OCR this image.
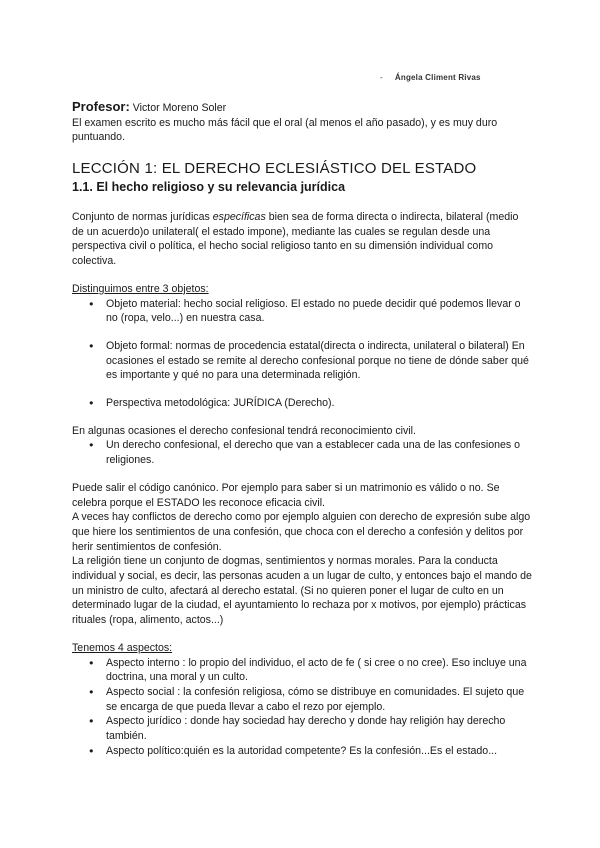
- Ángela Climent Rivas
Profesor: Victor Moreno Soler
El examen escrito es mucho más fácil que el oral (al menos el año pasado), y es muy duro puntuando.
LECCIÓN 1: EL DERECHO ECLESIÁSTICO DEL ESTADO
1.1. El hecho religioso y su relevancia jurídica
Conjunto de normas jurídicas específicas bien sea de forma directa o indirecta, bilateral (medio de un acuerdo)o unilateral( el estado impone), mediante las cuales se regulan desde una perspectiva civil o política, el hecho social religioso tanto en su dimensión individual como colectiva.
Distinguimos entre 3 objetos:
● Objeto material: hecho social religioso. El estado no puede decidir qué podemos llevar o no (ropa, velo...) en nuestra casa.
● Objeto formal: normas de procedencia estatal(directa o indirecta, unilateral o bilateral) En ocasiones el estado se remite al derecho confesional porque no tiene de dónde saber qué es importante y qué no para una determinada religión.
● Perspectiva metodológica: JURÍDICA (Derecho).
En algunas ocasiones el derecho confesional tendrá reconocimiento civil.
● Un derecho confesional, el derecho que van a establecer cada una de las confesiones o religiones.
Puede salir el código canónico. Por ejemplo para saber si un matrimonio es válido o no. Se celebra porque el ESTADO les reconoce eficacia civil.
A veces hay conflictos de derecho como por ejemplo alguien con derecho de expresión sube algo que hiere los sentimientos de una confesión, que choca con el derecho a confesión y delitos por herir sentimientos de confesión.
La religión tiene un conjunto de dogmas, sentimientos y normas morales. Para la conducta individual y social, es decir, las personas acuden a un lugar de culto, y entonces bajo el mando de un ministro de culto, afectará al derecho estatal. (Si no quieren poner el lugar de culto en un determinado lugar de la ciudad, el ayuntamiento lo rechaza por x motivos, por ejemplo) prácticas rituales (ropa, alimento, actos...)
Tenemos 4 aspectos:
● Aspecto interno : lo propio del individuo, el acto de fe ( si cree o no cree). Eso incluye una doctrina, una moral y un culto.
● Aspecto social : la confesión religiosa, cómo se distribuye en comunidades. El sujeto que se encarga de que pueda llevar a cabo el rezo por ejemplo.
● Aspecto jurídico : donde hay sociedad hay derecho y donde hay religión hay derecho también.
● Aspecto político:quién es la autoridad competente? Es la confesión...Es el estado...
